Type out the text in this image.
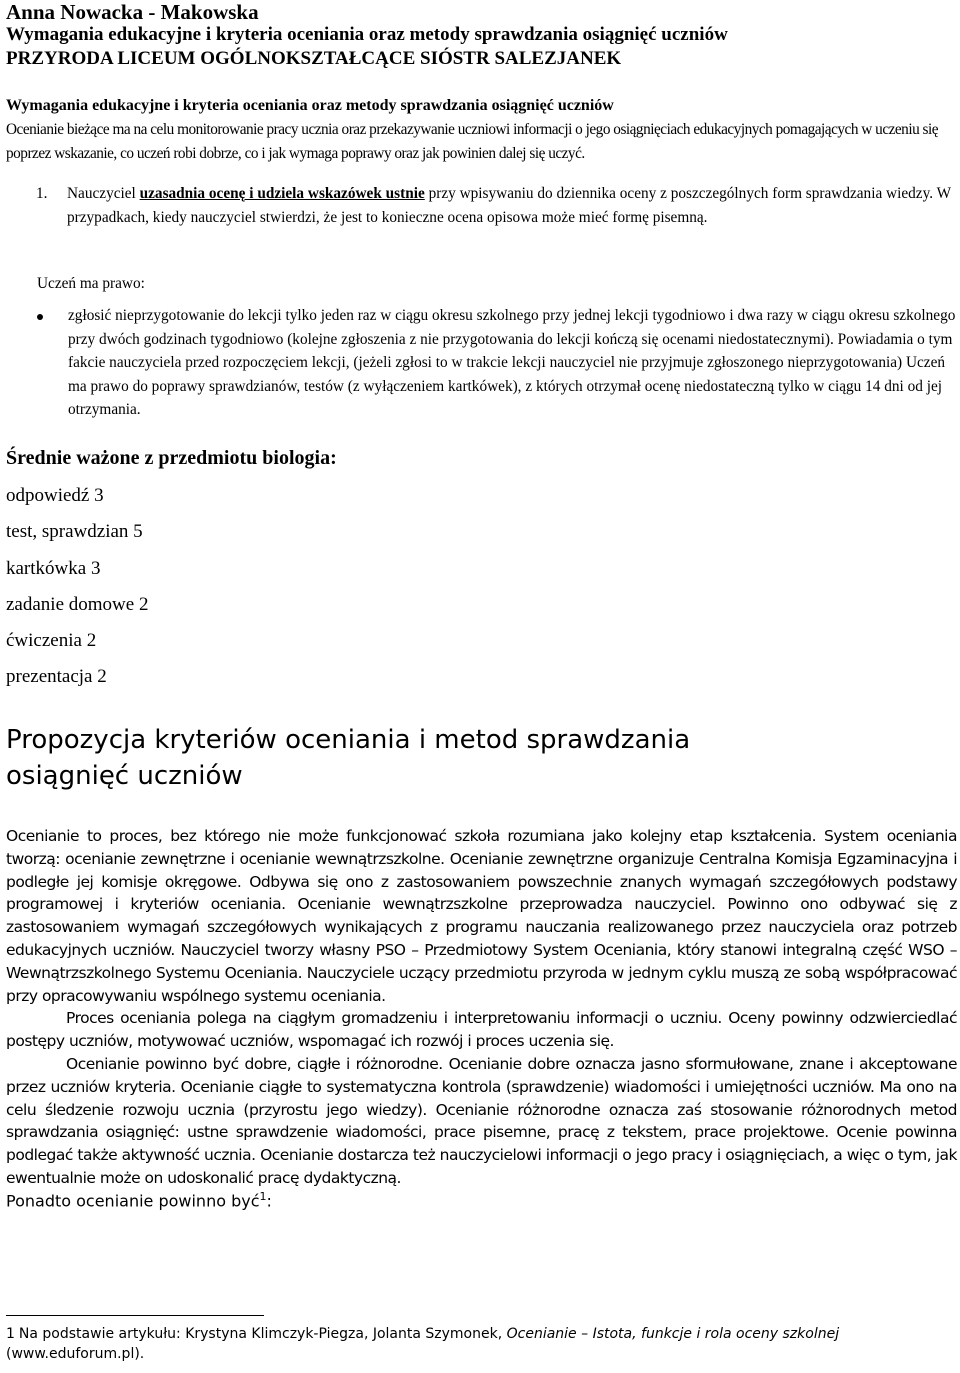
Anna Nowacka - Makowska
Wymagania edukacyjne i kryteria oceniania oraz metody sprawdzania osiągnięć uczniów
PRZYRODA LICEUM OGÓLNOKSZTAŁCĄCE SIÓSTR SALEZJANEK
Wymagania edukacyjne i kryteria oceniania oraz metody sprawdzania osiągnięć uczniów
Ocenianie bieżące ma na celu monitorowanie pracy ucznia oraz przekazywanie uczniowi informacji o jego osiągnięciach edukacyjnych pomagających w uczeniu się poprzez wskazanie, co uczeń robi dobrze, co i jak wymaga poprawy oraz jak powinien dalej się uczyć.
1. Nauczyciel uzasadnia ocenę i udziela wskazówek ustnie przy wpisywaniu do dziennika oceny z poszczególnych form sprawdzania wiedzy. W przypadkach, kiedy nauczyciel stwierdzi, że jest to konieczne ocena opisowa może mieć formę pisemną.
Uczeń ma prawo:
zgłosić nieprzygotowanie do lekcji tylko jeden raz w ciągu okresu szkolnego przy jednej lekcji tygodniowo i dwa razy w ciągu okresu szkolnego przy dwóch godzinach tygodniowo (kolejne zgłoszenia z nie przygotowania do lekcji kończą się ocenami niedostatecznymi). Powiadamia o tym fakcie nauczyciela przed rozpoczęciem lekcji, (jeżeli zgłosi to w trakcie lekcji nauczyciel nie przyjmuje zgłoszonego nieprzygotowania) Uczeń ma prawo do poprawy sprawdzianów, testów (z wyłączeniem kartkówek), z których otrzymał ocenę niedostateczną tylko w ciągu 14 dni od jej otrzymania.
Średnie ważone z przedmiotu biologia:
odpowiedź 3
test, sprawdzian 5
kartkówka 3
zadanie domowe 2
ćwiczenia 2
prezentacja 2
Propozycja kryteriów oceniania i metod sprawdzania osiągnięć uczniów

Ocenianie to proces, bez którego nie może funkcjonować szkoła rozumiana jako kolejny etap kształcenia. System oceniania tworzą: ocenianie zewnętrzne i ocenianie wewnątrzszkolne. Ocenianie zewnętrzne organizuje Centralna Komisja Egzaminacyjna i podległe jej komisje okręgowe. Odbywa się ono z zastosowaniem powszechnie znanych wymagań szczegółowych podstawy programowej i kryteriów oceniania. Ocenianie wewnątrzszkolne przeprowadza nauczyciel. Powinno ono odbywać się z zastosowaniem wymagań szczegółowych wynikających z programu nauczania realizowanego przez nauczyciela oraz potrzeb edukacyjnych uczniów. Nauczyciel tworzy własny PSO – Przedmiotowy System Oceniania, który stanowi integralną część WSO – Wewnątrzszkolnego Systemu Oceniania. Nauczyciele uczący przedmiotu przyroda w jednym cyklu muszą ze sobą współpracować przy opracowywaniu wspólnego systemu oceniania.

Proces oceniania polega na ciągłym gromadzeniu i interpretowaniu informacji o uczniu. Oceny powinny odzwierciedlać postępy uczniów, motywować uczniów, wspomagać ich rozwój i proces uczenia się.

Ocenianie powinno być dobre, ciągłe i różnorodne. Ocenianie dobre oznacza jasno sformułowane, znane i akceptowane przez uczniów kryteria. Ocenianie ciągłe to systematyczna kontrola (sprawdzenie) wiadomości i umiejętności uczniów. Ma ono na celu śledzenie rozwoju ucznia (przyrostu jego wiedzy). Ocenianie różnorodne oznacza zaś stosowanie różnorodnych metod sprawdzania osiągnięć: ustne sprawdzenie wiadomości, prace pisemne, pracę z tekstem, prace projektowe. Ocenie powinna podlegać także aktywność ucznia. Ocenianie dostarcza też nauczycielowi informacji o jego pracy i osiągnięciach, a więc o tym, jak ewentualnie może on udoskonalić pracę dydaktyczną.

Ponadto ocenianie powinno być$^1$:
1 Na podstawie artykułu: Krystyna Klimczyk-Piegza, Jolanta Szymonek, Ocenianie – Istota, funkcje i rola oceny szkolnej (www.eduforum.pl).
